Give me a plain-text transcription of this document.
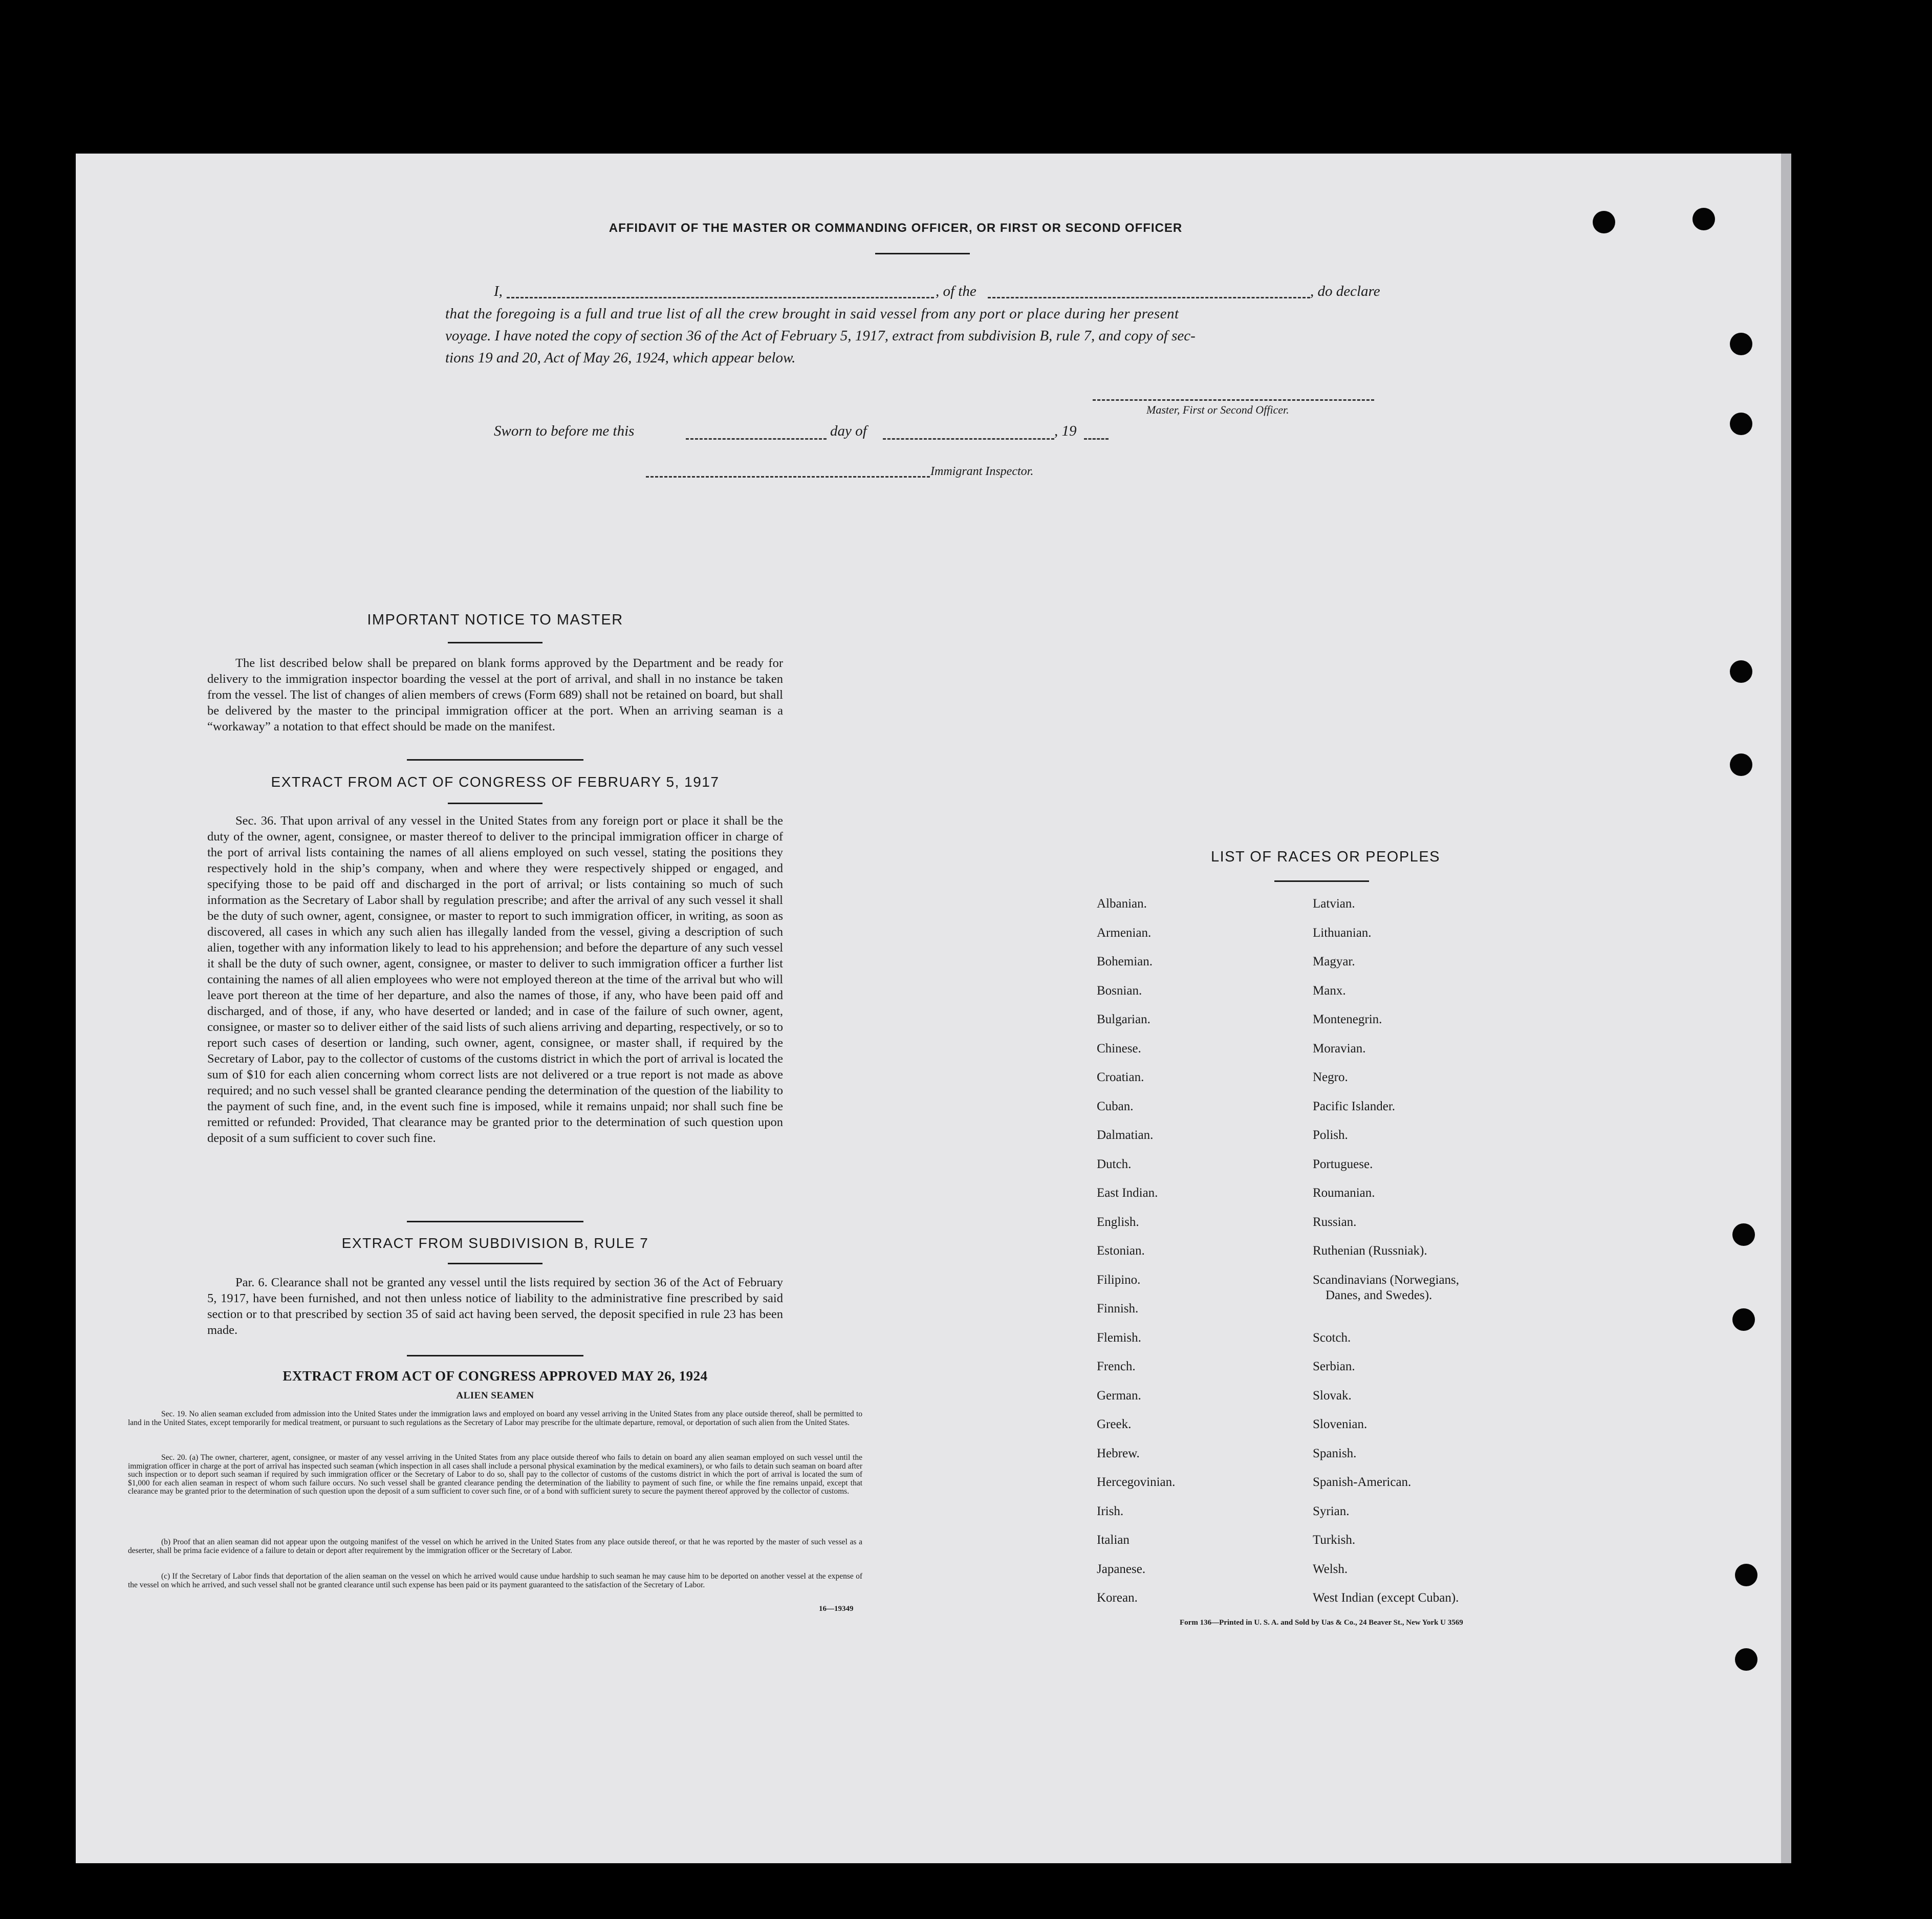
AFFIDAVIT OF THE MASTER OR COMMANDING OFFICER, OR FIRST OR SECOND OFFICER
I,	, of the	, do declare
that the foregoing is a full and true list of all the crew brought in said vessel from any port or place during her present
voyage. I have noted the copy of section 36 of the Act of February 5, 1917, extract from subdivision B, rule 7, and copy of sec-
tions 19 and 20, Act of May 26, 1924, which appear below.
Master, First or Second Officer.
Sworn to before me this	day of	, 19
Immigrant Inspector.
IMPORTANT NOTICE TO MASTER
The list described below shall be prepared on blank forms approved by the Department and be ready for delivery to the immigration inspector boarding the vessel at the port of arrival, and shall in no instance be taken from the vessel. The list of changes of alien members of crews (Form 689) shall not be retained on board, but shall be delivered by the master to the principal immigration officer at the port. When an arriving seaman is a “workaway” a notation to that effect should be made on the manifest.
EXTRACT FROM ACT OF CONGRESS OF FEBRUARY 5, 1917
Sec. 36. That upon arrival of any vessel in the United States from any foreign port or place it shall be the duty of the owner, agent, consignee, or master thereof to deliver to the principal immigration officer in charge of the port of arrival lists containing the names of all aliens employed on such vessel, stating the positions they respectively hold in the ship’s company, when and where they were respectively shipped or engaged, and specifying those to be paid off and discharged in the port of arrival; or lists containing so much of such information as the Secretary of Labor shall by regulation prescribe; and after the arrival of any such vessel it shall be the duty of such owner, agent, consignee, or master to report to such immigration officer, in writing, as soon as discovered, all cases in which any such alien has illegally landed from the vessel, giving a description of such alien, together with any information likely to lead to his apprehension; and before the departure of any such vessel it shall be the duty of such owner, agent, consignee, or master to deliver to such immigration officer a further list containing the names of all alien employees who were not employed thereon at the time of the arrival but who will leave port thereon at the time of her departure, and also the names of those, if any, who have been paid off and discharged, and of those, if any, who have deserted or landed; and in case of the failure of such owner, agent, consignee, or master so to deliver either of the said lists of such aliens arriving and departing, respectively, or so to report such cases of desertion or landing, such owner, agent, consignee, or master shall, if required by the Secretary of Labor, pay to the collector of customs of the customs district in which the port of arrival is located the sum of $10 for each alien concerning whom correct lists are not delivered or a true report is not made as above required; and no such vessel shall be granted clearance pending the determination of the question of the liability to the payment of such fine, and, in the event such fine is imposed, while it remains unpaid; nor shall such fine be remitted or refunded: Provided, That clearance may be granted prior to the determination of such question upon deposit of a sum sufficient to cover such fine.
EXTRACT FROM SUBDIVISION B, RULE 7
Par. 6. Clearance shall not be granted any vessel until the lists required by section 36 of the Act of February 5, 1917, have been furnished, and not then unless notice of liability to the administrative fine prescribed by said section or to that prescribed by section 35 of said act having been served, the deposit specified in rule 23 has been made.
EXTRACT FROM ACT OF CONGRESS APPROVED MAY 26, 1924
ALIEN SEAMEN
Sec. 19. No alien seaman excluded from admission into the United States under the immigration laws and employed on board any vessel arriving in the United States from any place outside thereof, shall be permitted to land in the United States, except temporarily for medical treatment, or pursuant to such regulations as the Secretary of Labor may prescribe for the ultimate departure, removal, or deportation of such alien from the United States.
Sec. 20. (a) The owner, charterer, agent, consignee, or master of any vessel arriving in the United States from any place outside thereof who fails to detain on board any alien seaman employed on such vessel until the immigration officer in charge at the port of arrival has inspected such seaman (which inspection in all cases shall include a personal physical examination by the medical examiners), or who fails to detain such seaman on board after such inspection or to deport such seaman if required by such immigration officer or the Secretary of Labor to do so, shall pay to the collector of customs of the customs district in which the port of arrival is located the sum of $1,000 for each alien seaman in respect of whom such failure occurs. No such vessel shall be granted clearance pending the determination of the liability to payment of such fine, or while the fine remains unpaid, except that clearance may be granted prior to the determination of such question upon the deposit of a sum sufficient to cover such fine, or of a bond with sufficient surety to secure the payment thereof approved by the collector of customs.
(b) Proof that an alien seaman did not appear upon the outgoing manifest of the vessel on which he arrived in the United States from any place outside thereof, or that he was reported by the master of such vessel as a deserter, shall be prima facie evidence of a failure to detain or deport after requirement by the immigration officer or the Secretary of Labor.
(c) If the Secretary of Labor finds that deportation of the alien seaman on the vessel on which he arrived would cause undue hardship to such seaman he may cause him to be deported on another vessel at the expense of the vessel on which he arrived, and such vessel shall not be granted clearance until such expense has been paid or its payment guaranteed to the satisfaction of the Secretary of Labor.
16—19349
LIST OF RACES OR PEOPLES
Albanian.
Armenian.
Bohemian.
Bosnian.
Bulgarian.
Chinese.
Croatian.
Cuban.
Dalmatian.
Dutch.
East Indian.
English.
Estonian.
Filipino.
Finnish.
Flemish.
French.
German.
Greek.
Hebrew.
Hercegovinian.
Irish.
Italian
Japanese.
Korean.
Latvian.
Lithuanian.
Magyar.
Manx.
Montenegrin.
Moravian.
Negro.
Pacific Islander.
Polish.
Portuguese.
Roumanian.
Russian.
Ruthenian (Russniak).
Scandinavians (Norwegians,
Danes, and Swedes).
Scotch.
Serbian.
Slovak.
Slovenian.
Spanish.
Spanish-American.
Syrian.
Turkish.
Welsh.
West Indian (except Cuban).
Form 136—Printed in U. S. A. and Sold by Uas & Co., 24 Beaver St., New York U 3569
